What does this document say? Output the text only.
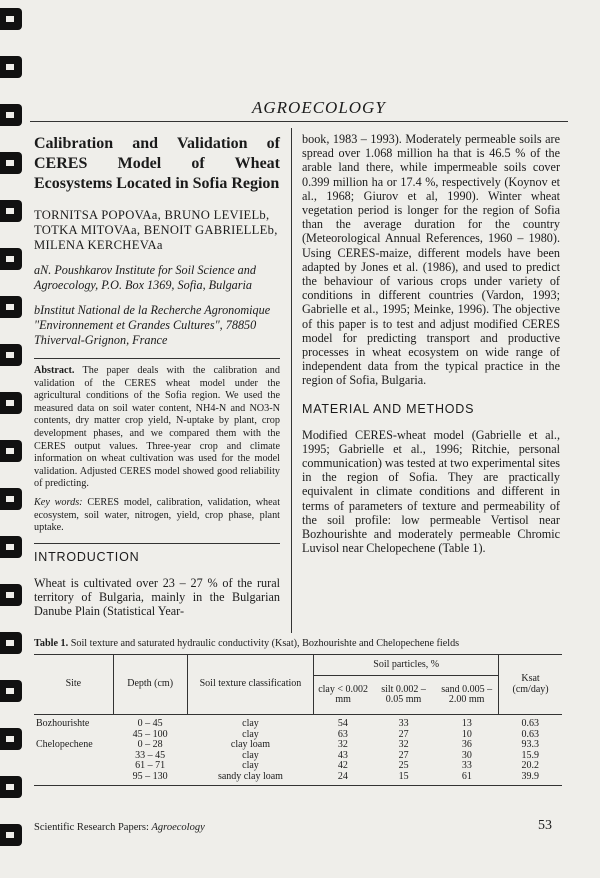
AGROECOLOGY
Calibration and Validation of CERES Model of Wheat Ecosystems Located in Sofia Region
TORNITSA POPOVAa, BRUNO LEVIELb, TOTKA MITOVAa, BENOIT GABRIELLEb, MILENA KERCHEVAa
aN. Poushkarov Institute for Soil Science and Agroecology, P.O. Box 1369, Sofia, Bulgaria
bInstitut National de la Recherche Agronomique "Environnement et Grandes Cultures", 78850 Thiverval-Grignon, France
Abstract. The paper deals with the calibration and validation of the CERES wheat model under the agricultural conditions of the Sofia region. We used the measured data on soil water content, NH4-N and NO3-N contents, dry matter crop yield, N-uptake by plant, crop development phases, and we compared them with the CERES output values. Three-year crop and climate information on wheat cultivation was used for the model validation. Adjusted CERES model showed good reliability of predicting.
Key words: CERES model, calibration, validation, wheat ecosystem, soil water, nitrogen, yield, crop phase, plant uptake.
INTRODUCTION
Wheat is cultivated over 23 – 27 % of the rural territory of Bulgaria, mainly in the Bulgarian Danube Plain (Statistical Year-
book, 1983 – 1993). Moderately permeable soils are spread over 1.068 million ha that is 46.5 % of the arable land there, while impermeable soils cover 0.399 million ha or 17.4 %, respectively (Koynov et al., 1968; Giurov et al, 1990). Winter wheat vegetation period is longer for the region of Sofia than the average duration for the country (Meteorological Annual References, 1960 – 1980). Using CERES-maize, different models have been adapted by Jones et al. (1986), and used to predict the behaviour of various crops under variety of conditions in different countries (Vardon, 1993; Gabrielle et al., 1995; Meinke, 1996). The objective of this paper is to test and adjust modified CERES model for predicting transport and productive processes in wheat ecosystem on wide range of independent data from the typical practice in the region of Sofia, Bulgaria.
MATERIAL AND METHODS
Modified CERES-wheat model (Gabrielle et al., 1995; Gabrielle et al., 1996; Ritchie, personal communication) was tested at two experimental sites in the region of Sofia. They are practically equivalent in climate conditions and different in terms of parameters of texture and permeability of the soil profile: low permeable Vertisol near Bozhourishte and moderately permeable Chromic Luvisol near Chelopechene (Table 1).
Table 1. Soil texture and saturated hydraulic conductivity (Ksat), Bozhourishte and Chelopechene fields
Site	Depth (cm)	Soil texture classification	Soil particles, %			Ksat
(cm/day)

			clay < 0.002 mm	silt 0.002 – 0.05 mm	sand 0.005 – 2.00 mm	
Bozhourishte	0 – 45	clay	54	33	13	0.63
	45 – 100	clay	63	27	10	0.63
Chelopechene	0 – 28	clay loam	32	32	36	93.3
	33 – 45	clay	43	27	30	15.9
	61 – 71	clay	42	25	33	20.2
	95 – 130	sandy clay loam	24	15	61	39.9
Scientific Research Papers: Agroecology	53
